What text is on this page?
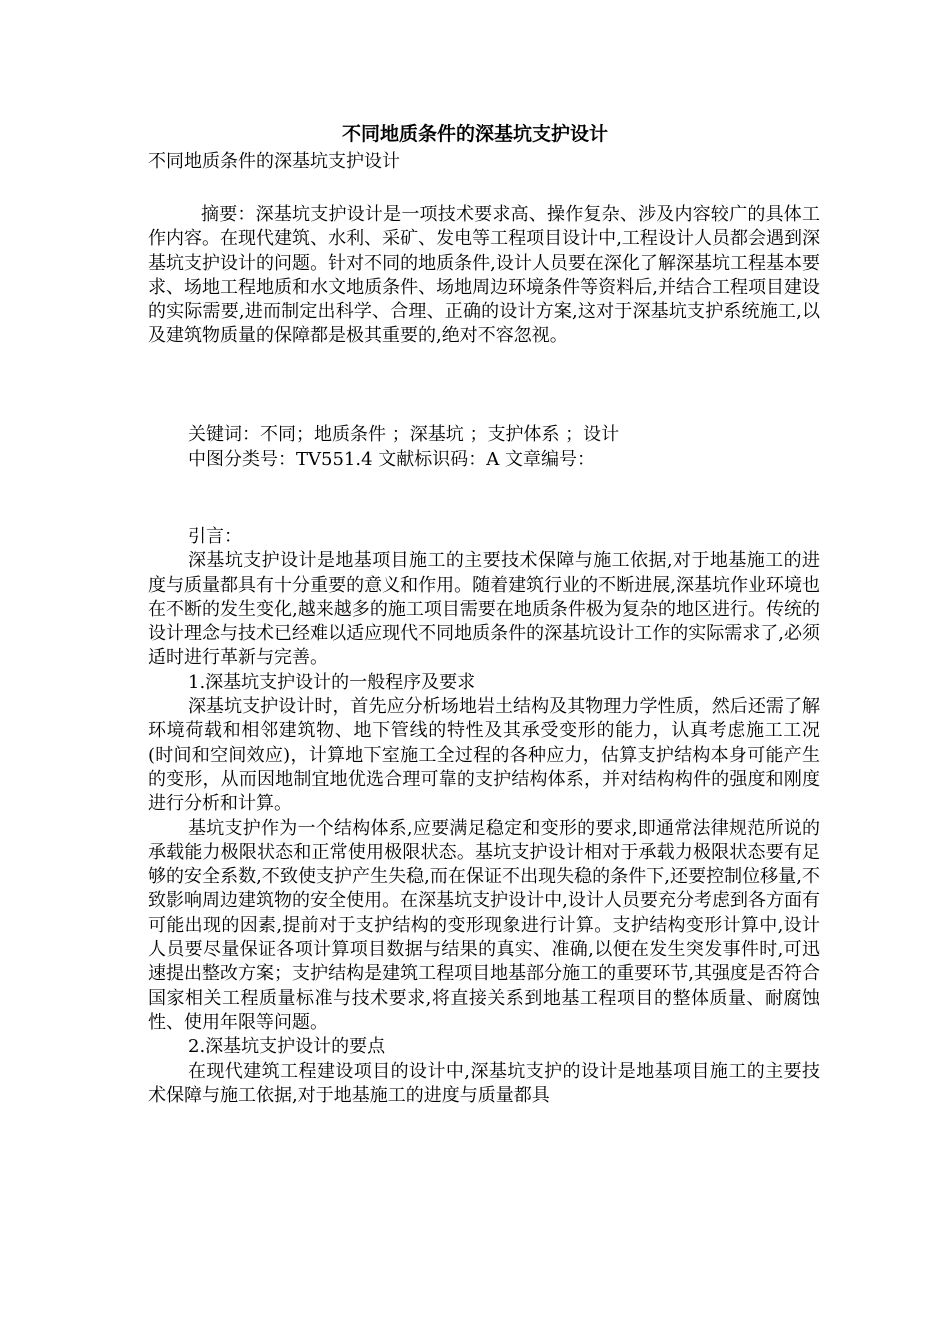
不同地质条件的深基坑支护设计
不同地质条件的深基坑支护设计
摘要：深基坑支护设计是一项技术要求高、操作复杂、涉及内容较广的具体工作内容。在现代建筑、水利、采矿、发电等工程项目设计中,工程设计人员都会遇到深基坑支护设计的问题。针对不同的地质条件,设计人员要在深化了解深基坑工程基本要求、场地工程地质和水文地质条件、场地周边环境条件等资料后,并结合工程项目建设的实际需要,进而制定出科学、合理、正确的设计方案,这对于深基坑支护系统施工,以及建筑物质量的保障都是极其重要的,绝对不容忽视。
关键词：不同；地质条件 ；深基坑 ；支护体系 ；设计
中图分类号：TV551.4 文献标识码：A 文章编号：

引言：

深基坑支护设计是地基项目施工的主要技术保障与施工依据,对于地基施工的进度与质量都具有十分重要的意义和作用。随着建筑行业的不断进展,深基坑作业环境也在不断的发生变化,越来越多的施工项目需要在地质条件极为复杂的地区进行。传统的设计理念与技术已经难以适应现代不同地质条件的深基坑设计工作的实际需求了,必须适时进行革新与完善。

1.深基坑支护设计的一般程序及要求

深基坑支护设计时，首先应分析场地岩土结构及其物理力学性质，然后还需了解环境荷载和相邻建筑物、地下管线的特性及其承受变形的能力，认真考虑施工工况(时间和空间效应)，计算地下室施工全过程的各种应力，估算支护结构本身可能产生的变形，从而因地制宜地优选合理可靠的支护结构体系，并对结构构件的强度和刚度进行分析和计算。

基坑支护作为一个结构体系,应要满足稳定和变形的要求,即通常法律规范所说的承载能力极限状态和正常使用极限状态。基坑支护设计相对于承载力极限状态要有足够的安全系数,不致使支护产生失稳,而在保证不出现失稳的条件下,还要控制位移量,不致影响周边建筑物的安全使用。在深基坑支护设计中,设计人员要充分考虑到各方面有可能出现的因素,提前对于支护结构的变形现象进行计算。支护结构变形计算中,设计人员要尽量保证各项计算项目数据与结果的真实、准确,以便在发生突发事件时,可迅速提出整改方案；支护结构是建筑工程项目地基部分施工的重要环节,其强度是否符合国家相关工程质量标准与技术要求,将直接关系到地基工程项目的整体质量、耐腐蚀性、使用年限等问题。

2.深基坑支护设计的要点

在现代建筑工程建设项目的设计中,深基坑支护的设计是地基项目施工的主要技术保障与施工依据,对于地基施工的进度与质量都具
